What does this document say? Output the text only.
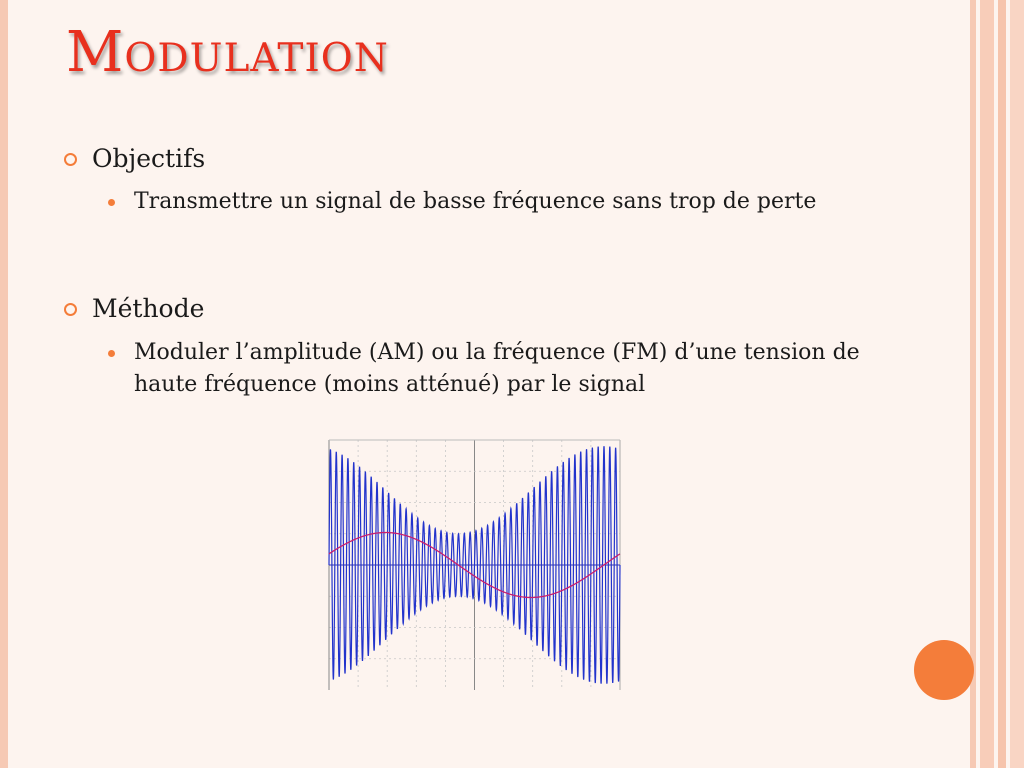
Modulation
Objectifs
Transmettre un signal de basse fréquence sans trop de perte
Méthode
Moduler l’amplitude (AM) ou la fréquence (FM) d’une tension de haute fréquence (moins atténué) par le signal
